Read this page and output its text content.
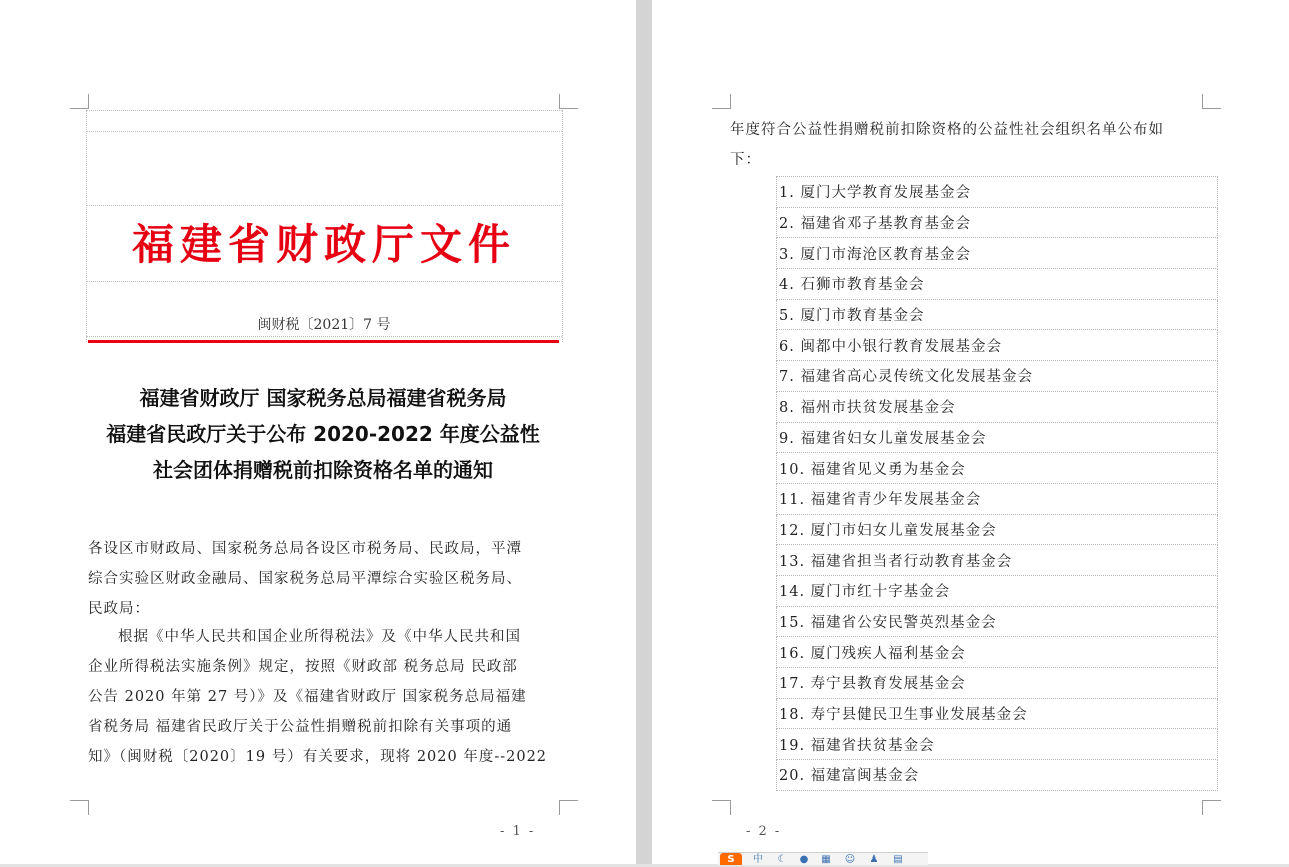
福建省财政厅文件
闽财税〔2021〕7 号
福建省财政厅 国家税务总局福建省税务局
福建省民政厅关于公布 2020-2022 年度公益性
社会团体捐赠税前扣除资格名单的通知
各设区市财政局、国家税务总局各设区市税务局、民政局，平潭
综合实验区财政金融局、国家税务总局平潭综合实验区税务局、
民政局：
根据《中华人民共和国企业所得税法》及《中华人民共和国
企业所得税法实施条例》规定，按照《财政部 税务总局 民政部
公告 2020 年第 27 号）》及《福建省财政厅 国家税务总局福建
省税务局 福建省民政厅关于公益性捐赠税前扣除有关事项的通
知》（闽财税〔2020〕19 号）有关要求，现将 2020 年度--2022
- 1 -
年度符合公益性捐赠税前扣除资格的公益性社会组织名单公布如
下：
1. 厦门大学教育发展基金会
2. 福建省邓子基教育基金会
3. 厦门市海沧区教育基金会
4. 石狮市教育基金会
5. 厦门市教育基金会
6. 闽都中小银行教育发展基金会
7. 福建省高心灵传统文化发展基金会
8. 福州市扶贫发展基金会
9. 福建省妇女儿童发展基金会
10. 福建省见义勇为基金会
11. 福建省青少年发展基金会
12. 厦门市妇女儿童发展基金会
13. 福建省担当者行动教育基金会
14. 厦门市红十字基金会
15. 福建省公安民警英烈基金会
16. 厦门残疾人福利基金会
17. 寿宁县教育发展基金会
18. 寿宁县健民卫生事业发展基金会
19. 福建省扶贫基金会
20. 福建富闽基金会
- 2 -
S	中 ☾ ● ▦ ☺ ♟ ▤
